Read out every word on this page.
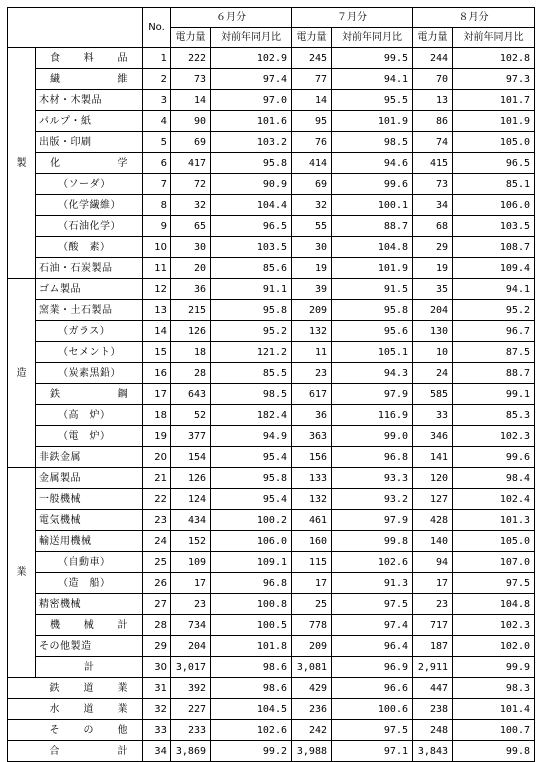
		No.	６月分		７月分		８月分	
			電力量	対前年同月比	電力量	対前年同月比	電力量	対前年同月比
製	食　料　品	1	222	102.9	245	99.5	244	102.8
	繊　　　維	2	73	97.4	77	94.1	70	97.3
	木材・木製品	3	14	97.0	14	95.5	13	101.7
	パルプ・紙	4	90	101.6	95	101.9	86	101.9
	出版・印刷	5	69	103.2	76	98.5	74	105.0
	化　　　学	6	417	95.8	414	94.6	415	96.5
	（ソーダ）	7	72	90.9	69	99.6	73	85.1
	（化学繊維）	8	32	104.4	32	100.1	34	106.0
	（石油化学）	9	65	96.5	55	88.7	68	103.5
	（酸　素）	10	30	103.5	30	104.8	29	108.7
	石油・石炭製品	11	20	85.6	19	101.9	19	109.4
造	ゴム製品	12	36	91.1	39	91.5	35	94.1
	窯業・土石製品	13	215	95.8	209	95.8	204	95.2
	（ガラス）	14	126	95.2	132	95.6	130	96.7
	（セメント）	15	18	121.2	11	105.1	10	87.5
	（炭素黒鉛）	16	28	85.5	23	94.3	24	88.7
	鉄　　　鋼	17	643	98.5	617	97.9	585	99.1
	（高　炉）	18	52	182.4	36	116.9	33	85.3
	（電　炉）	19	377	94.9	363	99.0	346	102.3
	非鉄金属	20	154	95.4	156	96.8	141	99.6
業	金属製品	21	126	95.8	133	93.3	120	98.4
	一般機械	22	124	95.4	132	93.2	127	102.4
	電気機械	23	434	100.2	461	97.9	428	101.3
	輸送用機械	24	152	106.0	160	99.8	140	105.0
	（自動車）	25	109	109.1	115	102.6	94	107.0
	（造　船）	26	17	96.8	17	91.3	17	97.5
	精密機械	27	23	100.8	25	97.5	23	104.8
	機　械　計	28	734	100.5	778	97.4	717	102.3
	その他製造	29	204	101.8	209	96.4	187	102.0
	計	30	3,017	98.6	3,081	96.9	2,911	99.9
	鉄　道　業	31	392	98.6	429	96.6	447	98.3
	水　道　業	32	227	104.5	236	100.6	238	101.4
	そ　の　他	33	233	102.6	242	97.5	248	100.7
	合　　　計	34	3,869	99.2	3,988	97.1	3,843	99.8
